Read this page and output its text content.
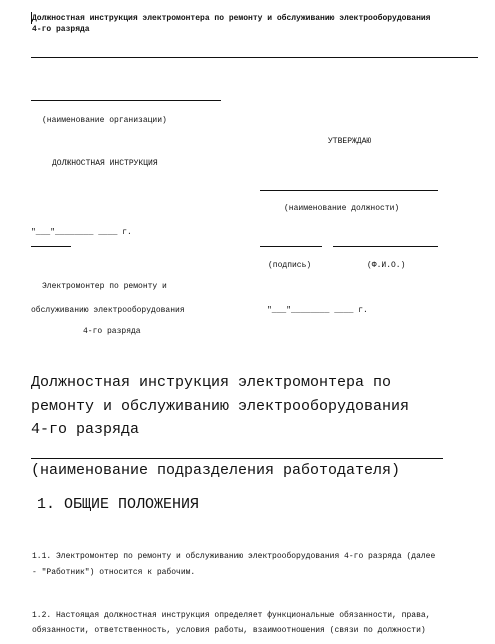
Должностная инструкция электромонтера по ремонту и обслуживанию электрооборудования
4-го разряда
(наименование организации)
УТВЕРЖДАЮ
ДОЛЖНОСТНАЯ ИНСТРУКЦИЯ
(наименование должности)
"___"________ ____ г.
(подпись)	(Ф.И.О.)
Электромонтер по ремонту и
обслуживанию электрооборудования	"___"________ ____ г.
4-го разряда
Должностная инструкция электромонтера по
ремонту и обслуживанию электрооборудования
4-го разряда
(наименование подразделения работодателя)
1. ОБЩИЕ ПОЛОЖЕНИЯ
1.1. Электромонтер по ремонту и обслуживанию электрооборудования 4-го разряда (далее
- "Работник") относится к рабочим.
1.2. Настоящая должностная инструкция определяет функциональные обязанности, права,
обязанности, ответственность, условия работы, взаимоотношения (связи по должности)
